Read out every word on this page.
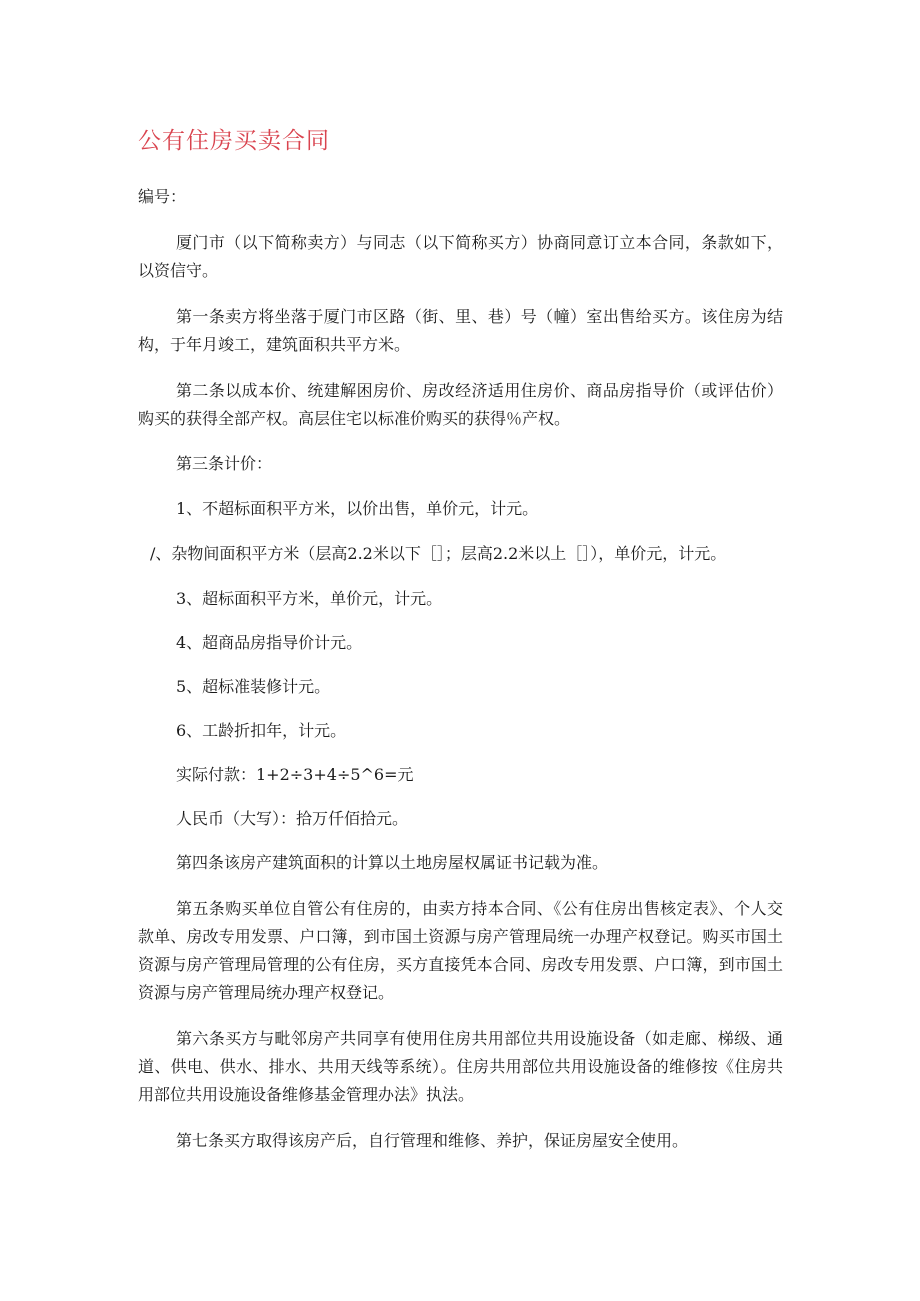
公有住房买卖合同

编号：

厦门市（以下简称卖方）与同志（以下简称买方）协商同意订立本合同，条款如下，以资信守。

第一条卖方将坐落于厦门市区路（街、里、巷）号（幢）室出售给买方。该住房为结构，于年月竣工，建筑面积共平方米。

第二条以成本价、统建解困房价、房改经济适用住房价、商品房指导价（或评估价）购买的获得全部产权。高层住宅以标准价购买的获得％产权。

第三条计价：

1、不超标面积平方米，以价出售，单价元，计元。

/、杂物间面积平方米（层高2.2米以下［］；层高2.2米以上［］），单价元，计元。

3、超标面积平方米，单价元，计元。

4、超商品房指导价计元。

5、超标准装修计元。

6、工龄折扣年，计元。

实际付款：1+2÷3+4÷5^6=元

人民币（大写）：拾万仟佰拾元。

第四条该房产建筑面积的计算以土地房屋权属证书记载为准。

第五条购买单位自管公有住房的，由卖方持本合同、《公有住房出售核定表》、个人交款单、房改专用发票、户口簿，到市国土资源与房产管理局统一办理产权登记。购买市国土资源与房产管理局管理的公有住房，买方直接凭本合同、房改专用发票、户口簿，到市国土资源与房产管理局统办理产权登记。

第六条买方与毗邻房产共同享有使用住房共用部位共用设施设备（如走廊、梯级、通道、供电、供水、排水、共用天线等系统）。住房共用部位共用设施设备的维修按《住房共用部位共用设施设备维修基金管理办法》执法。

第七条买方取得该房产后，自行管理和维修、养护，保证房屋安全使用。
